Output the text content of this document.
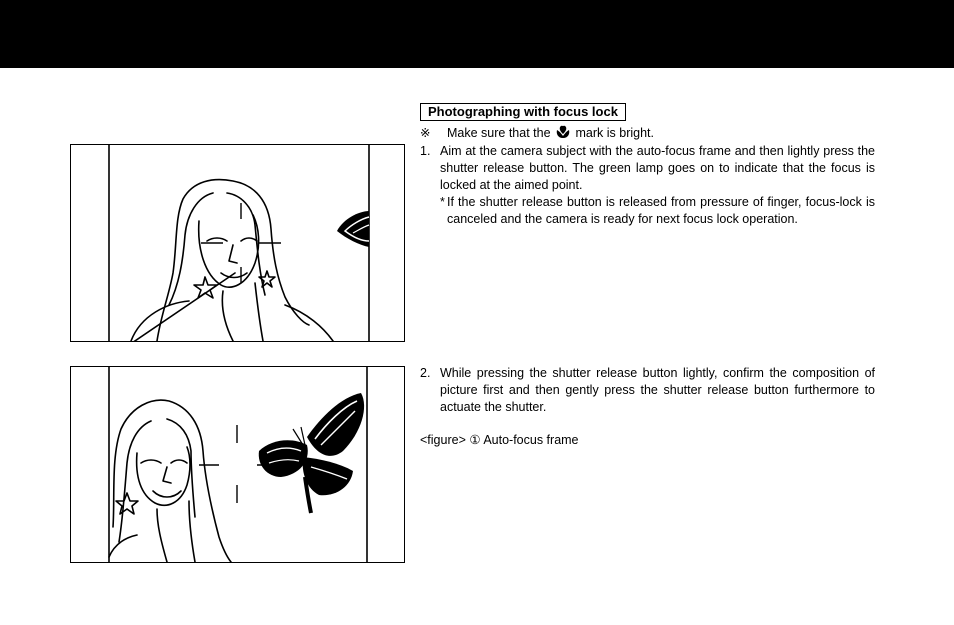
Photographing with focus lock
※ Make sure that the mark is bright.
1. Aim at the camera subject with the auto-focus frame and then lightly press the shutter release button. The green lamp goes on to indicate that the focus is locked at the aimed point.
* If the shutter release button is released from pressure of finger, focus-lock is canceled and the camera is ready for next focus lock operation.
2. While pressing the shutter release button lightly, confirm the composition of picture first and then gently press the shutter release button furthermore to actuate the shutter.
<figure> ① Auto-focus frame
